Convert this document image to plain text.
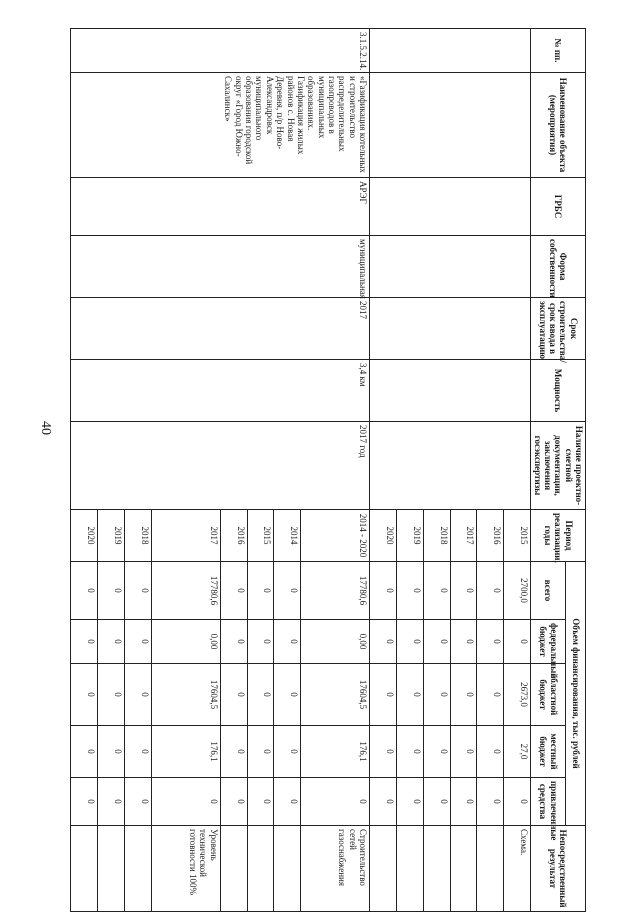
40
№ пп.	Наименование объекта (мероприятия)	ГРБС	Форма собственности	Срок строительства/срок ввода в эксплуатацию	Мощность	Наличие проектно-сметной документации, заключения госэкспертизы	Период реализации, годы	Объем финансирования, тыс. рублей					Непосредственный результат
								всего	федеральный бюджет	областной бюджет	местный бюджет	привлеченные средства	
							2015	2700,0	0	2673,0	27,0	0	Схема.
							2016	0	0	0	0	0	
							2017	0	0	0	0	0	
							2018	0	0	0	0	0	
							2019	0	0	0	0	0	
							2020	0	0	0	0	0	
3.1.5.2.14.	«Газификация котельных и строительство распределительных газопроводов в муниципальных образованиях. Газификация жилых районов с. Новая Деревня, п/р Ново-Александровск муниципального образования городской округ «Город Южно-Сахалинск»	АРЭГ	муниципальная	2017	3,4 км	2017 год	2014 - 2020	17780,6	0,00	17604,5	176,1	0	Строительство сетей газоснабжения
							2014	0	0	0	0	0	
							2015	0	0	0	0	0	
							2016	0	0	0	0	0	
							2017	17780,6	0,00	17604,5	176,1	0	Уровень технической готовности 100%
							2018	0	0	0	0	0	
							2019	0	0	0	0	0	
							2020	0	0	0	0	0	
